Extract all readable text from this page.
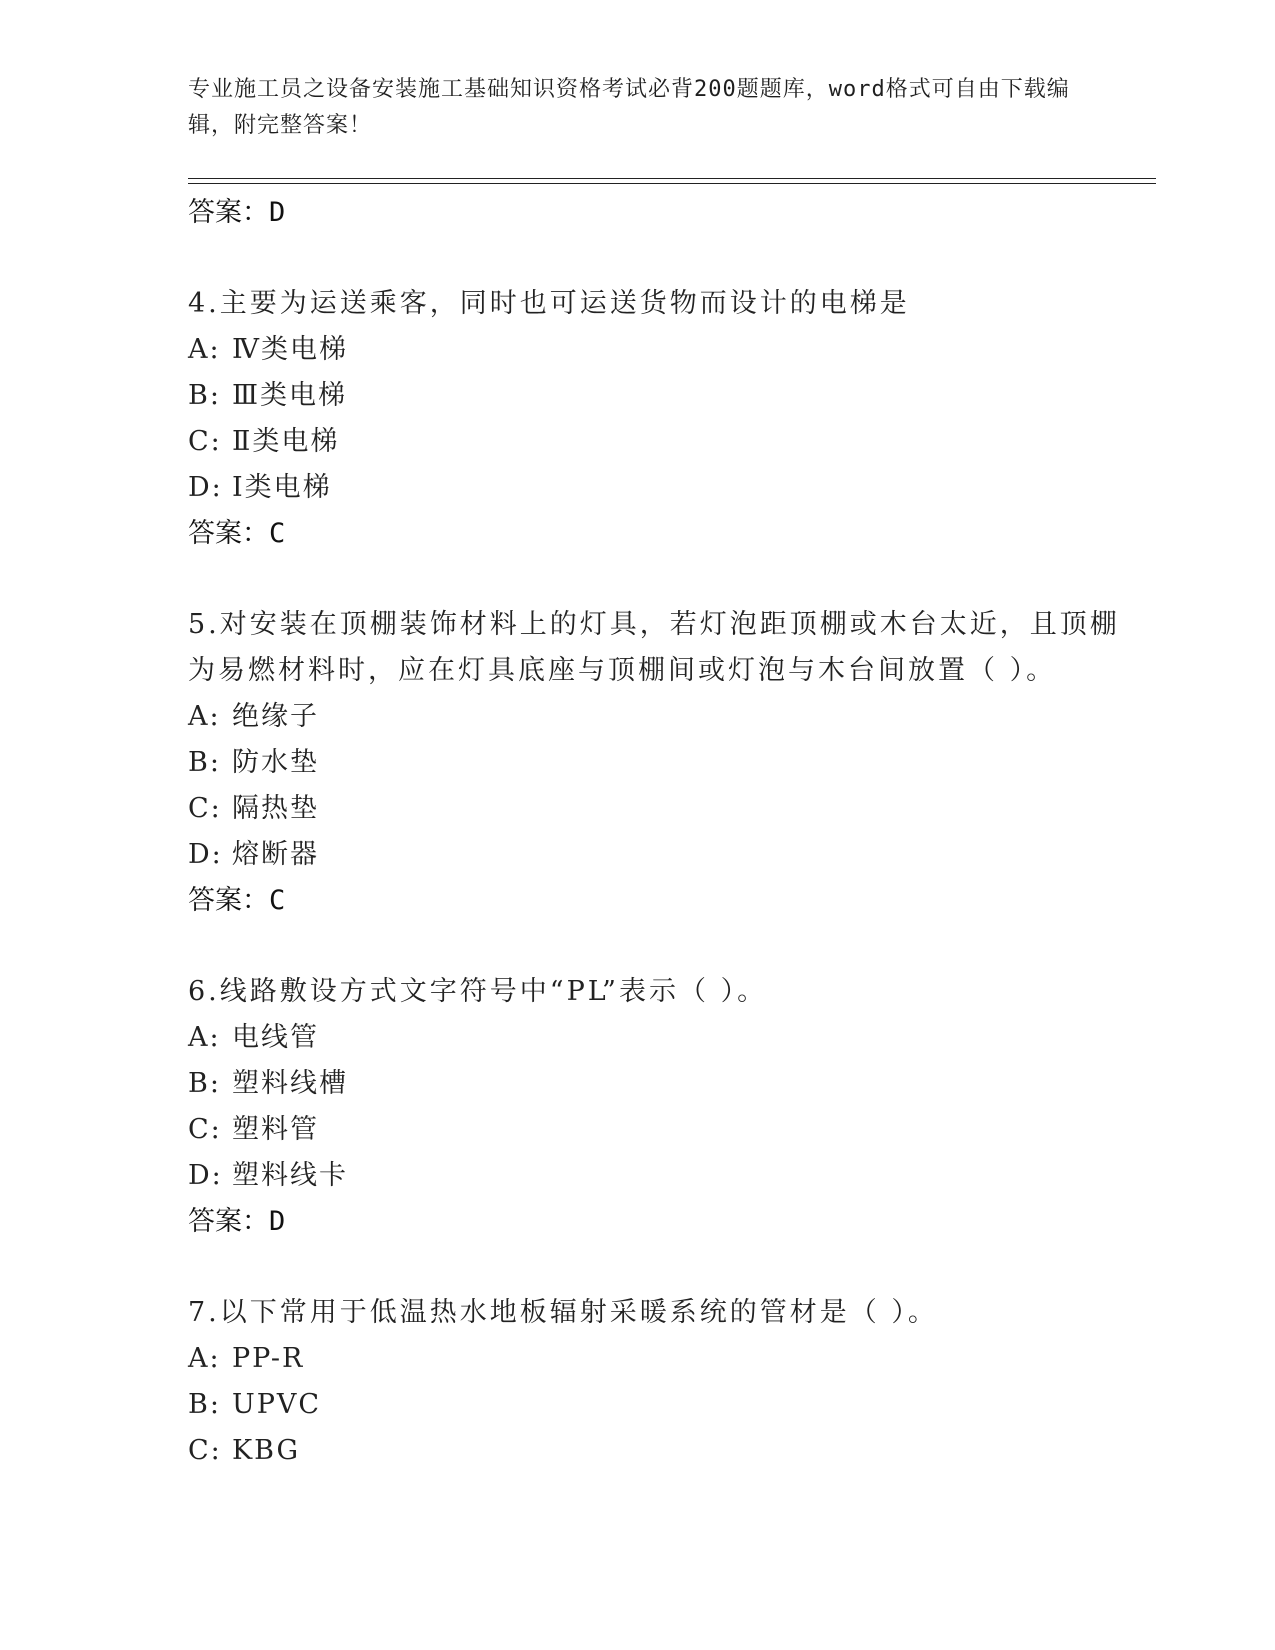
专业施工员之设备安装施工基础知识资格考试必背200题题库，word格式可自由下载编辑，附完整答案！
答案：D
4.主要为运送乘客，同时也可运送货物而设计的电梯是
A: Ⅳ类电梯
B: Ⅲ类电梯
C: Ⅱ类电梯
D: Ⅰ类电梯
答案：C
5.对安装在顶棚装饰材料上的灯具，若灯泡距顶棚或木台太近，且顶棚为易燃材料时，应在灯具底座与顶棚间或灯泡与木台间放置（ ）。
A: 绝缘子
B: 防水垫
C: 隔热垫
D: 熔断器
答案：C
6.线路敷设方式文字符号中“PL”表示（ ）。
A: 电线管
B: 塑料线槽
C: 塑料管
D: 塑料线卡
答案：D
7.以下常用于低温热水地板辐射采暖系统的管材是（ ）。
A: PP-R
B: UPVC
C: KBG
